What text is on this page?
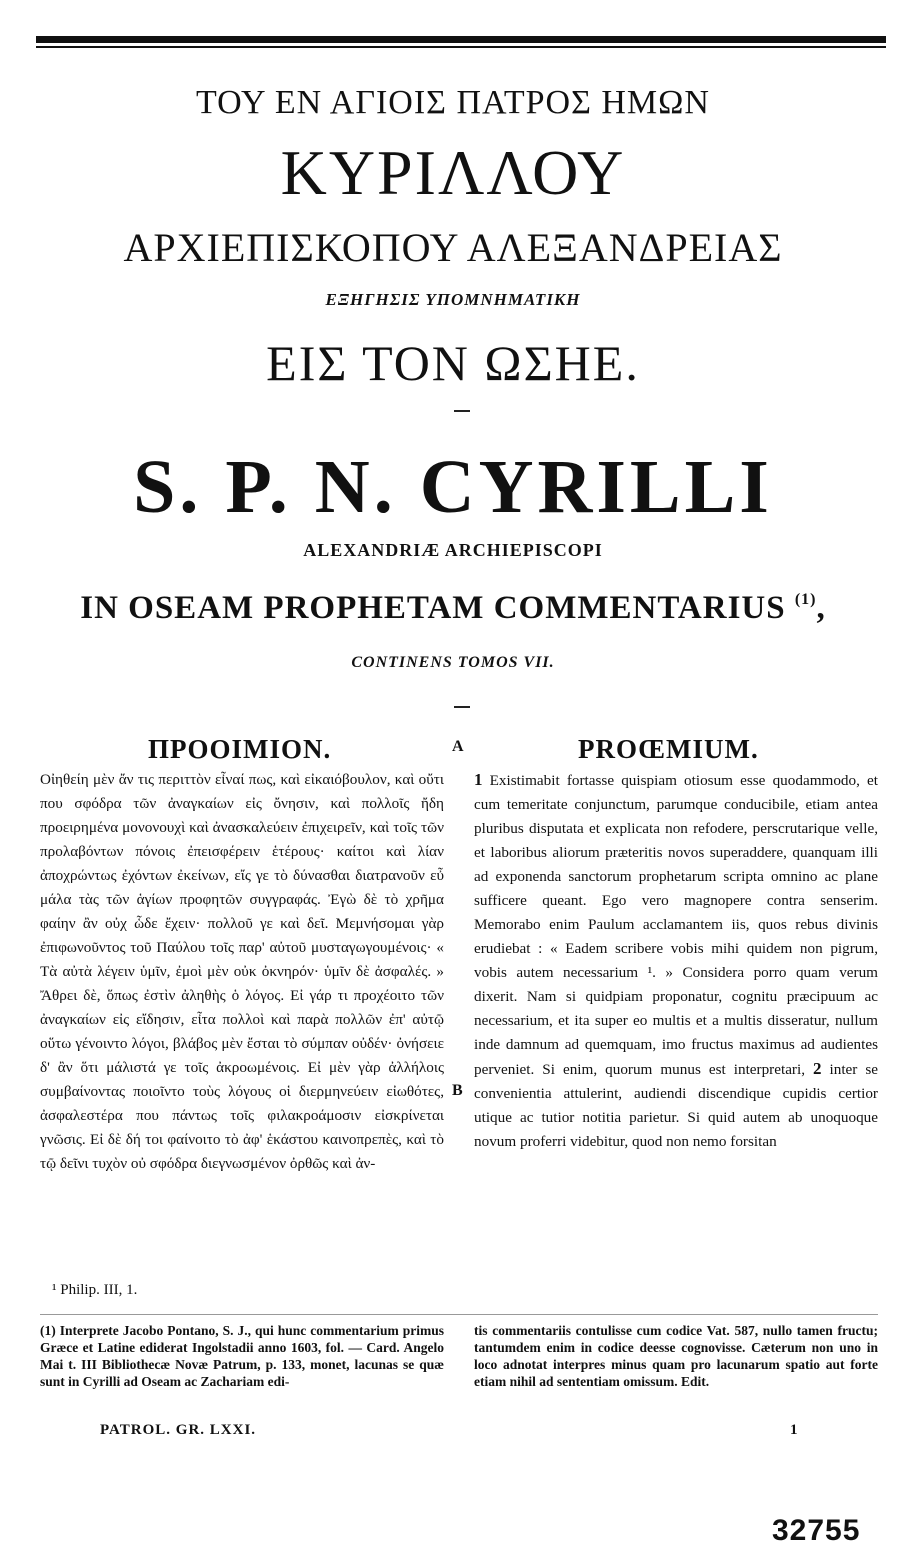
ΤΟΥ ΕΝ ΑΓΙΟΙΣ ΠΑΤΡΟΣ ΗΜΩΝ
ΚΥΡΙΛΛΟΥ
ΑΡΧΙΕΠΙΣΚΟΠΟΥ ΑΛΕΞΑΝΔΡΕΙΑΣ
ΕΞΗΓΗΣΙΣ ΥΠΟΜΝΗΜΑΤΙΚΗ
ΕΙΣ ΤΟΝ ΩΣΗΕ.
S. P. N. CYRILLI
ALEXANDRIÆ ARCHIEPISCOPI
IN OSEAM PROPHETAM COMMENTARIUS $^{(1)}$,
CONTINENS TOMOS VII.
ΠΡΟΟΙΜΙΟΝ.	PROŒMIUM.
A
B
Οἰηθείη μὲν ἄν τις περιττὸν εἶναί πως, καὶ εἰκαιόβουλον, καὶ οὔτι που σφόδρα τῶν ἀναγκαίων εἰς ὄνησιν, καὶ πολλοῖς ἤδη προειρημένα μονονουχὶ καὶ ἀνασκαλεύειν ἐπιχειρεῖν, καὶ τοῖς τῶν προλαβόντων πόνοις ἐπεισφέρειν ἑτέρους· καίτοι καὶ λίαν ἀποχρώντως ἐχόντων ἐκείνων, εἴς γε τὸ δύνασθαι διατρανοῦν εὖ μάλα τὰς τῶν ἁγίων προφητῶν συγγραφάς. Ἐγὼ δὲ τὸ χρῆμα φαίην ἂν οὐχ ὧδε ἔχειν· πολλοῦ γε καὶ δεῖ. Μεμνήσομαι γὰρ ἐπιφωνοῦντος τοῦ Παύλου τοῖς παρ' αὐτοῦ μυσταγωγουμένοις· « Τὰ αὐτὰ λέγειν ὑμῖν, ἐμοὶ μὲν οὐκ ὀκνηρόν· ὑμῖν δὲ ἀσφαλές. » Ἄθρει δὲ, ὅπως ἐστὶν ἀληθὴς ὁ λόγος. Εἰ γάρ τι προχέοιτο τῶν ἀναγκαίων εἰς εἴδησιν, εἶτα πολλοὶ καὶ παρὰ πολλῶν ἐπ' αὐτῷ οὕτω γένοιντο λόγοι, βλάβος μὲν ἔσται τὸ σύμπαν οὐδέν· ὀνήσειε δ' ἂν ὅτι μάλιστά γε τοῖς ἀκροωμένοις. Εἰ μὲν γὰρ ἀλλήλοις συμβαίνοντας ποιοῖντο τοὺς λόγους οἱ διερμηνεύειν εἰωθότες, ἀσφαλεστέρα που πάντως τοῖς φιλακροάμοσιν εἰσκρίνεται γνῶσις. Εἰ δὲ δή τοι φαίνοιτο τὸ ἀφ' ἑκάστου καινοπρεπὲς, καὶ τὸ τῷ δεῖνι τυχὸν οὐ σφόδρα διεγνωσμένον ὀρθῶς καὶ ἀν-
1 Existimabit fortasse quispiam otiosum esse quodammodo, et cum temeritate conjunctum, parumque conducibile, etiam antea pluribus disputata et explicata non refodere, perscrutarique velle, et laboribus aliorum præteritis novos superaddere, quanquam illi ad exponenda sanctorum prophetarum scripta omnino ac plane sufficere queant. Ego vero magnopere contra senserim. Memorabo enim Paulum acclamantem iis, quos rebus divinis erudiebat : « Eadem scribere vobis mihi quidem non pigrum, vobis autem necessarium ¹. » Considera porro quam verum dixerit. Nam si quidpiam proponatur, cognitu præcipuum ac necessarium, et ita super eo multis et a multis disseratur, nullum inde damnum ad quemquam, imo fructus maximus ad audientes perveniet. Si enim, quorum munus est interpretari, 2 inter se convenientia attulerint, audiendi discendique cupidis certior utique ac tutior notitia parietur. Si quid autem ab unoquoque novum proferri videbitur, quod non nemo forsitan
¹ Philip. III, 1.
(1) Interprete Jacobo Pontano, S. J., qui hunc commentarium primus Græce et Latine ediderat Ingolstadii anno 1603, fol. — Card. Angelo Mai t. III Bibliothecæ Novæ Patrum, p. 133, monet, lacunas se quæ sunt in Cyrilli ad Oseam ac Zachariam edi-
tis commentariis contulisse cum codice Vat. 587, nullo tamen fructu; tantumdem enim in codice deesse cognovisse. Cæterum non uno in loco adnotat interpres minus quam pro lacunarum spatio aut forte etiam nihil ad sententiam omissum. Edit.
PATROL. GR. LXXI.	1
32755
